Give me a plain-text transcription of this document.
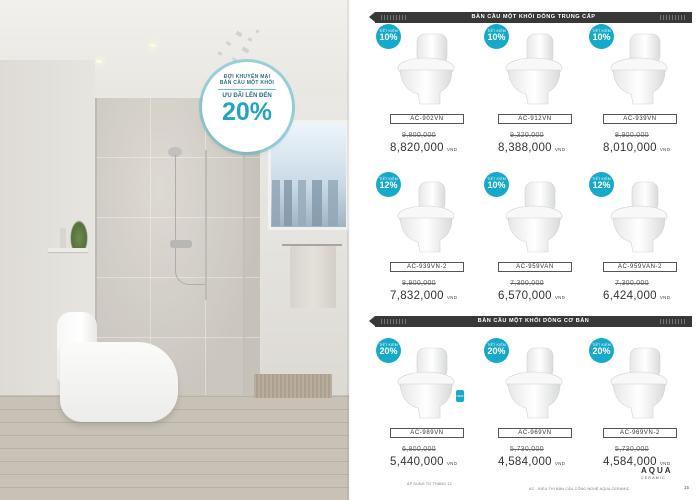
ĐỢI KHUYẾN MẠI
BÀN CẦU MỘT KHỐI
ƯU ĐÃI LÊN ĐẾN
20%
BÀN CẦU MỘT KHỐI DÒNG TRUNG CẤP
TIẾT KIỆM
10%
AC-902VN
9,800,000
8,820,000 VND
TIẾT KIỆM
10%
AC-912VN
9,320,000
8,388,000 VND
TIẾT KIỆM
10%
AC-939VN
8,900,000
8,010,000 VND
TIẾT KIỆM
12%
AC-939VN-2
8,900,000
7,832,000 VND
TIẾT KIỆM
10%
AC-959VAN
7,300,000
6,570,000 VND
TIẾT KIỆM
12%
AC-959VAN-2
7,300,000
6,424,000 VND
BÀN CẦU MỘT KHỐI DÒNG CƠ BẢN
TIẾT KIỆM
20%
AC-989VN
6,800,000
5,440,000 VND
TIẾT KIỆM
20%
AC-969VN
5,730,000
4,584,000 VND
TIẾT KIỆM
20%
AC-969VN-2
5,730,000
4,584,000 VND
NEW
ÁP DỤNG TỪ THÁNG 12
AC - BIỂU THỊ BÀN CẦU CÔNG NGHỆ AQUA CERAMIC
AQUA
CERAMIC
15
